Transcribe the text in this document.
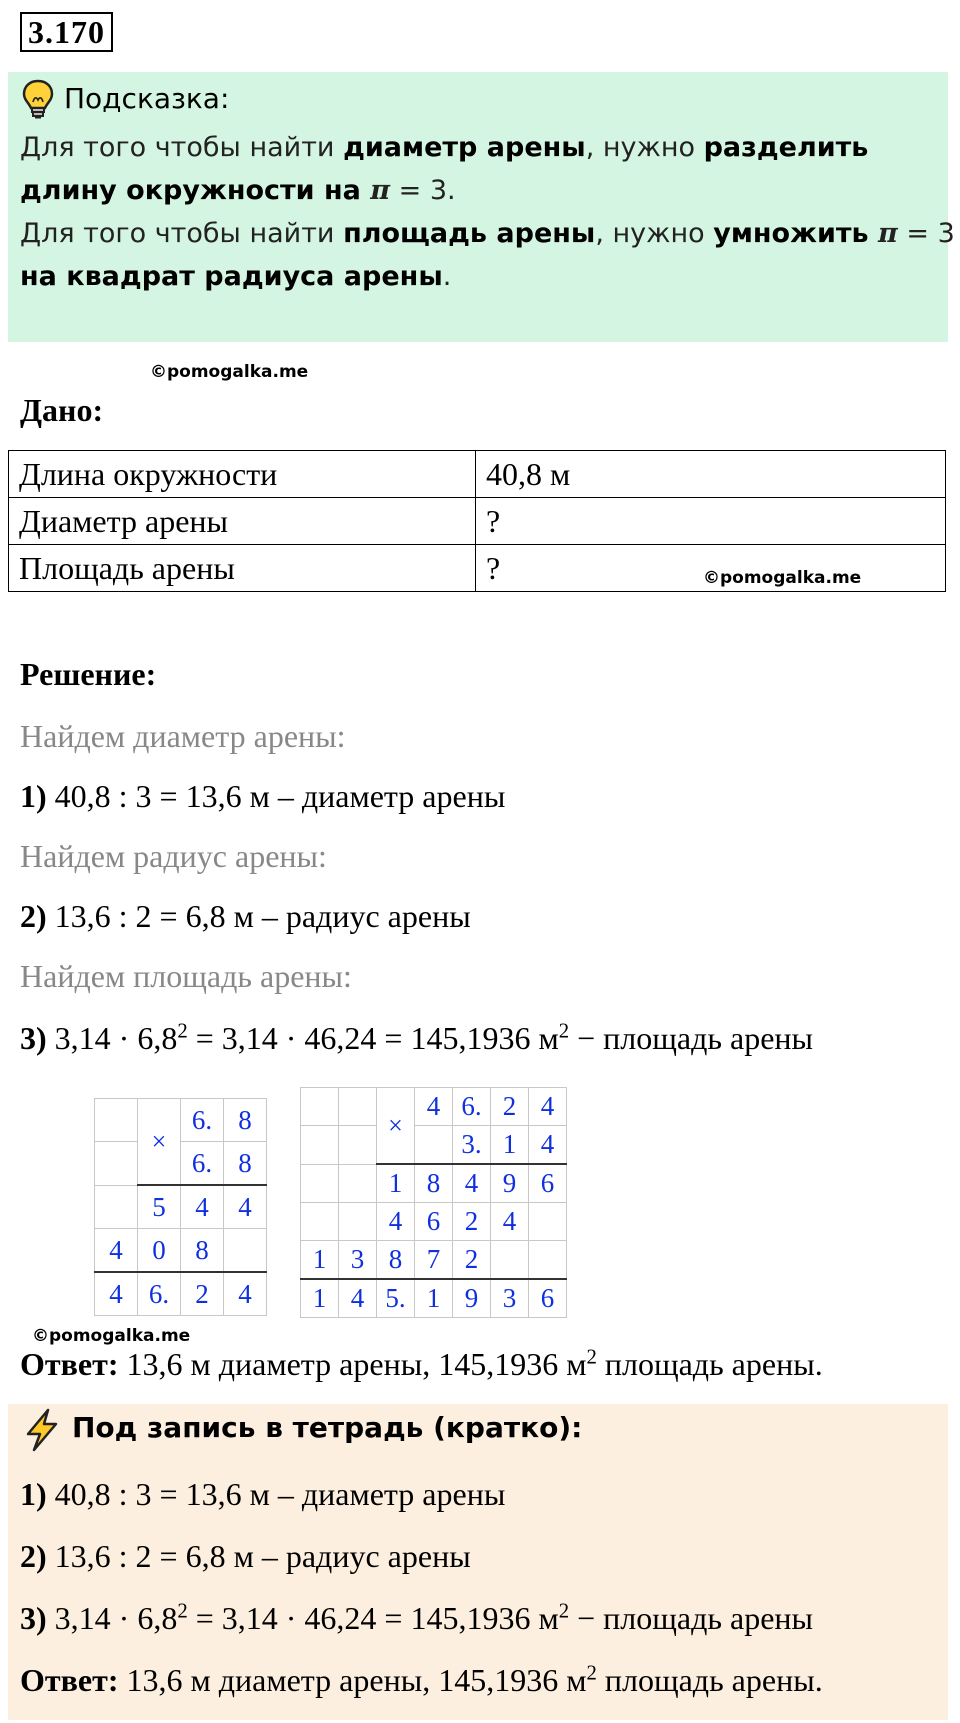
3.170
Подсказка:
Для того чтобы найти диаметр арены, нужно разделить
длину окружности на π = 3.
Для того чтобы найти площадь арены, нужно умножить π = 3
на квадрат радиуса арены.
©pomogalka.me
©pomogalka.me
©pomogalka.me
Дано:
Длина окружности	40,8 м
Диаметр арены	?
Площадь арены	?
Решение:
Найдем диаметр арены:
1) 40,8 : 3 = 13,6 м – диаметр арены
Найдем радиус арены:
2) 13,6 : 2 = 6,8 м – радиус арены
Найдем площадь арены:
3) $3,14 \cdot 6,8^2 = 3,14 \cdot 46,24 = 145,1936$ $м^2$ − площадь арены
	×	6.	8
		6.	8
	5	4	4
4	0	8	
4	6.	2	4
		×	4	6.	2	4
				3.	1	4
		1	8	4	9	6
		4	6	2	4	
1	3	8	7	2		
1	4	5.	1	9	3	6
Ответ: 13,6 м диаметр арены, 145,1936 $м^2$ площадь арены.
Под запись в тетрадь (кратко):
1) 40,8 : 3 = 13,6 м – диаметр арены
2) 13,6 : 2 = 6,8 м – радиус арены
3) $3,14 \cdot 6,8^2 = 3,14 \cdot 46,24 = 145,1936$ $м^2$ − площадь арены
Ответ: 13,6 м диаметр арены, 145,1936 $м^2$ площадь арены.
